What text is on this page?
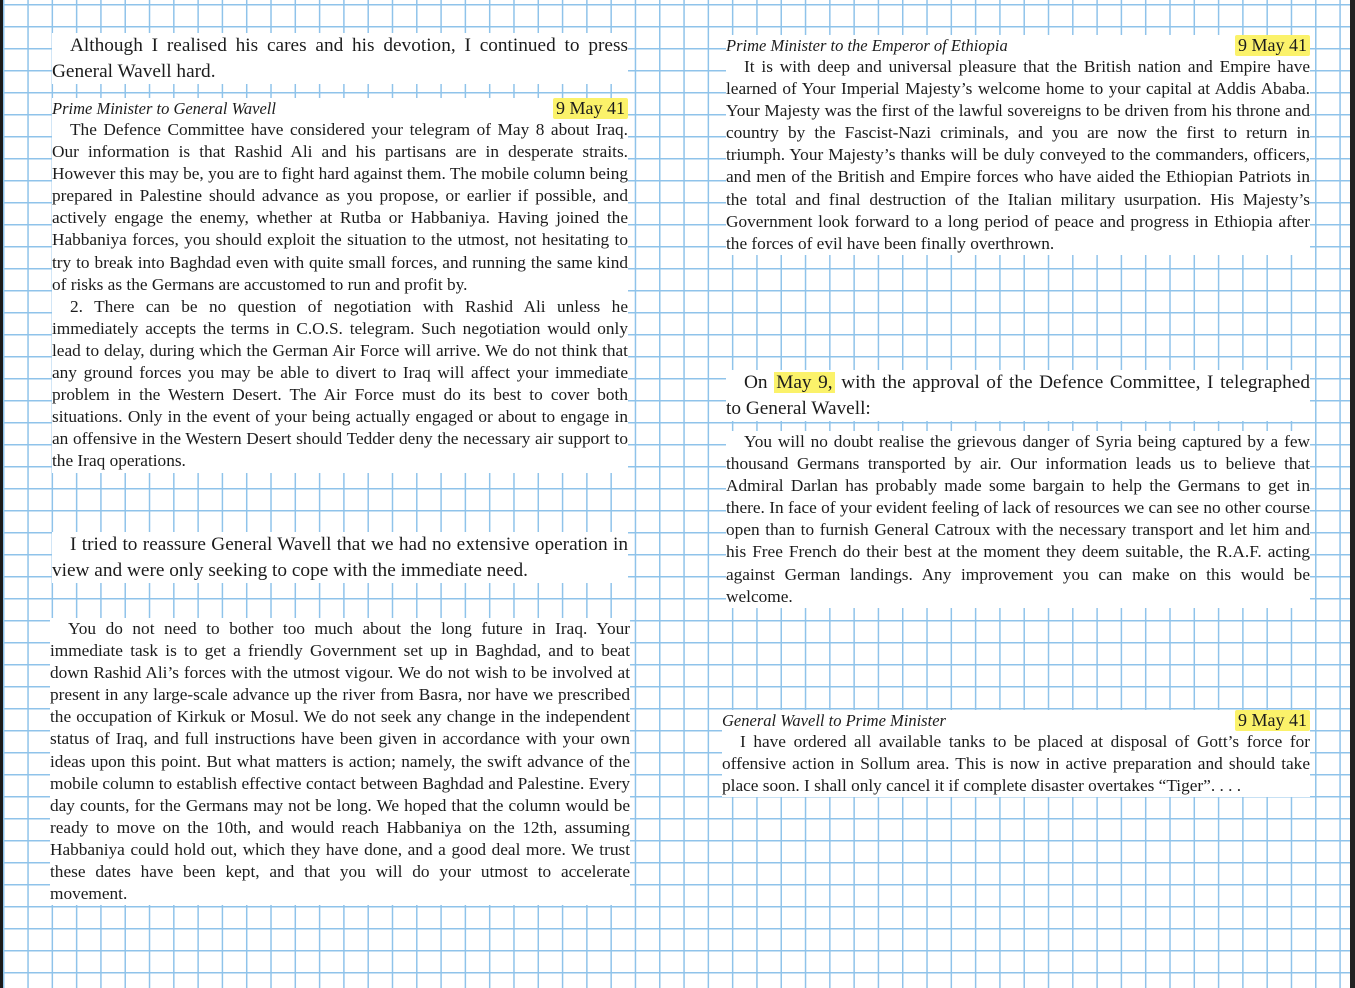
Although I realised his cares and his devotion, I continued to press General Wavell hard.

Prime Minister to General Wavell	9 May 41

The Defence Committee have considered your telegram of May 8 about Iraq. Our information is that Rashid Ali and his partisans are in desperate straits. However this may be, you are to fight hard against them. The mobile column being prepared in Palestine should advance as you propose, or earlier if possible, and actively engage the enemy, whether at Rutba or Habbaniya. Having joined the Habbaniya forces, you should exploit the situation to the utmost, not hesitating to try to break into Baghdad even with quite small forces, and running the same kind of risks as the Germans are accustomed to run and profit by.

2. There can be no question of negotiation with Rashid Ali unless he immediately accepts the terms in C.O.S. telegram. Such negotiation would only lead to delay, during which the German Air Force will arrive. We do not think that any ground forces you may be able to divert to Iraq will affect your immediate problem in the Western Desert. The Air Force must do its best to cover both situations. Only in the event of your being actually engaged or about to engage in an offensive in the Western Desert should Tedder deny the necessary air support to the Iraq operations.

I tried to reassure General Wavell that we had no extensive operation in view and were only seeking to cope with the immediate need.

You do not need to bother too much about the long future in Iraq. Your immediate task is to get a friendly Government set up in Baghdad, and to beat down Rashid Ali’s forces with the utmost vigour. We do not wish to be involved at present in any large-scale advance up the river from Basra, nor have we prescribed the occupation of Kirkuk or Mosul. We do not seek any change in the independent status of Iraq, and full instructions have been given in accordance with your own ideas upon this point. But what matters is action; namely, the swift advance of the mobile column to establish effective contact between Baghdad and Palestine. Every day counts, for the Germans may not be long. We hoped that the column would be ready to move on the 10th, and would reach Habbaniya on the 12th, assuming Habbaniya could hold out, which they have done, and a good deal more. We trust these dates have been kept, and that you will do your utmost to accelerate movement.

Prime Minister to the Emperor of Ethiopia	9 May 41

It is with deep and universal pleasure that the British nation and Empire have learned of Your Imperial Majesty’s welcome home to your capital at Addis Ababa. Your Majesty was the first of the lawful sovereigns to be driven from his throne and country by the Fascist-Nazi criminals, and you are now the first to return in triumph. Your Majesty’s thanks will be duly conveyed to the commanders, officers, and men of the British and Empire forces who have aided the Ethiopian Patriots in the total and final destruction of the Italian military usurpation. His Majesty’s Government look forward to a long period of peace and progress in Ethiopia after the forces of evil have been finally overthrown.

On May 9, with the approval of the Defence Committee, I telegraphed to General Wavell:

You will no doubt realise the grievous danger of Syria being captured by a few thousand Germans transported by air. Our information leads us to believe that Admiral Darlan has probably made some bargain to help the Germans to get in there. In face of your evident feeling of lack of resources we can see no other course open than to furnish General Catroux with the necessary transport and let him and his Free French do their best at the moment they deem suitable, the R.A.F. acting against German landings. Any improvement you can make on this would be welcome.

General Wavell to Prime Minister	9 May 41

I have ordered all available tanks to be placed at disposal of Gott’s force for offensive action in Sollum area. This is now in active preparation and should take place soon. I shall only cancel it if complete disaster overtakes “Tiger”. . . .
